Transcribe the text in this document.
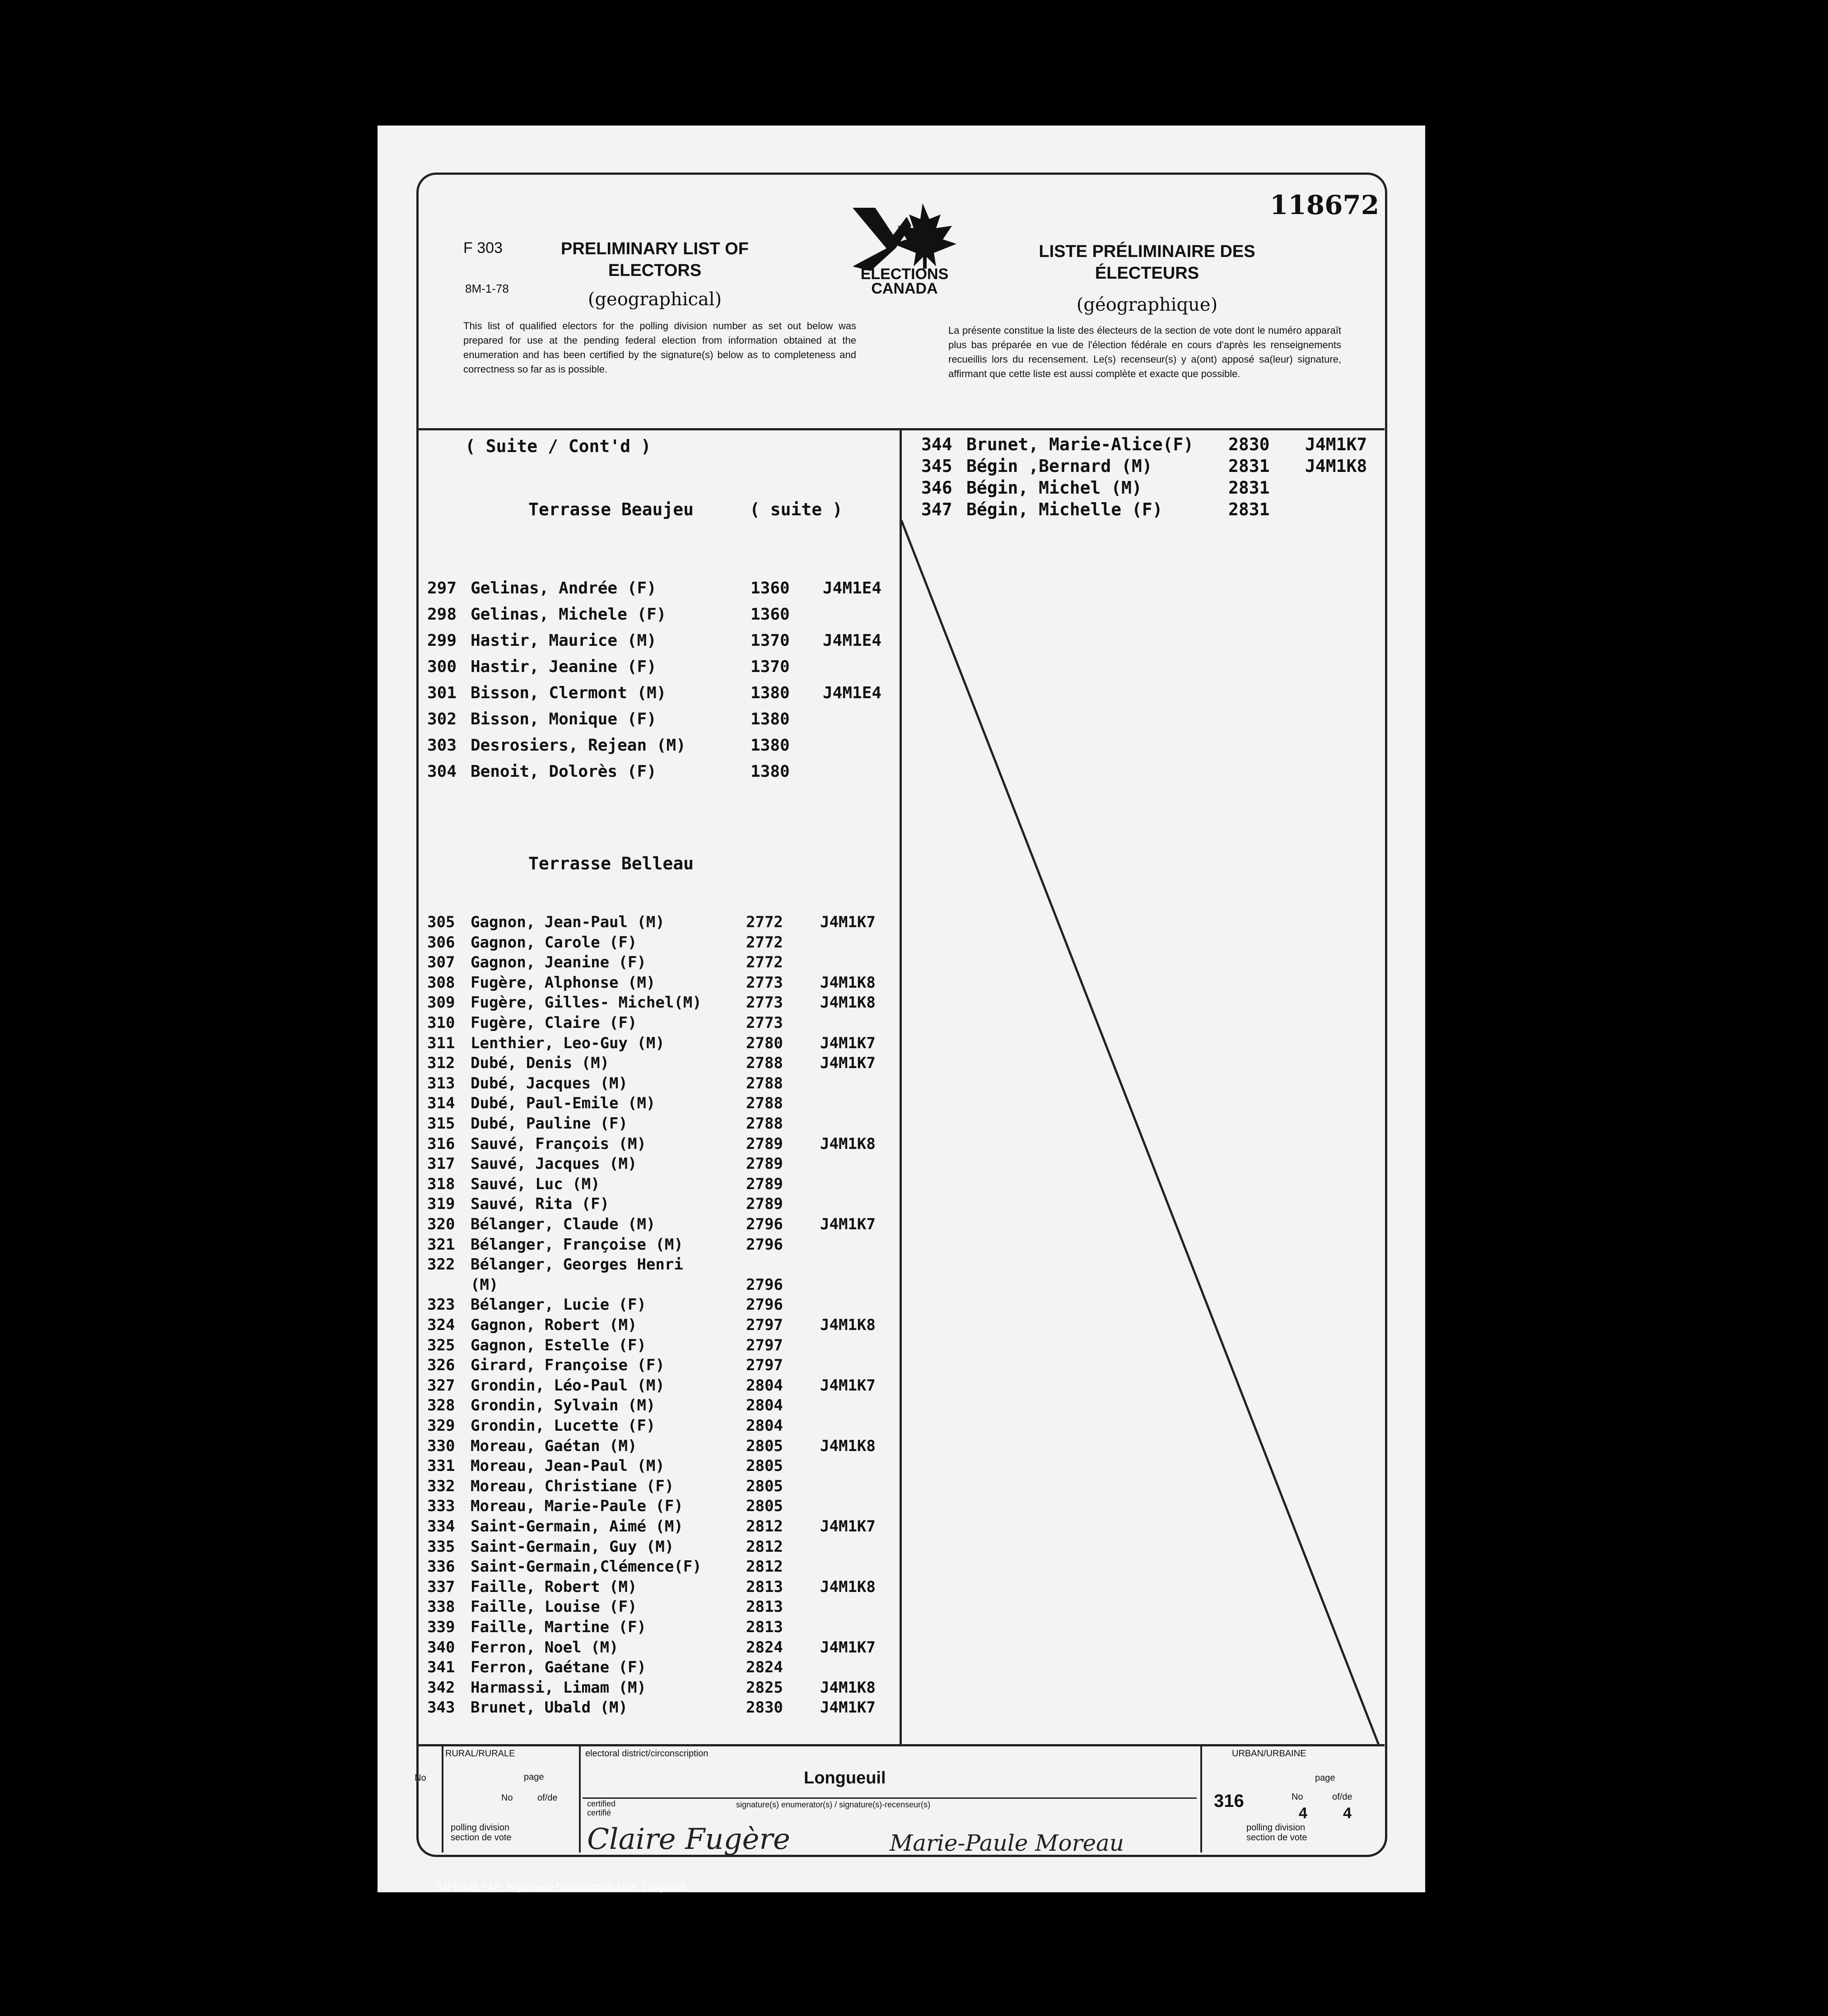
118672
F 303
8M-1-78
PRELIMINARY LIST OF
ELECTORS
(geographical)
ELECTIONS
CANADA
LISTE PRÉLIMINAIRE DES
ÉLECTEURS
(géographique)
This list of qualified electors for the polling division number as set out below was prepared for use at the pending federal election from information obtained at the enumeration and has been certified by the signature(s) below as to completeness and correctness so far as is possible.
La présente constitue la liste des électeurs de la section de vote dont le numéro apparaît plus bas préparée en vue de l'élection fédérale en cours d'après les renseignements recueillis lors du recensement. Le(s) recenseur(s) y a(ont) apposé sa(leur) signature, affirmant que cette liste est aussi complète et exacte que possible.
( Suite / Cont'd )
Terrasse Beaujeu	( suite )
297 Gelinas, Andrée (F)	1360 J4M1E4
298 Gelinas, Michele (F)	1360
299 Hastir, Maurice (M)	1370 J4M1E4
300 Hastir, Jeanine (F)	1370
301 Bisson, Clermont (M)	1380 J4M1E4
302 Bisson, Monique (F)	1380
303 Desrosiers, Rejean (M)	1380
304 Benoit, Dolorès (F)	1380
Terrasse Belleau
305 Gagnon, Jean-Paul (M)	2772 J4M1K7
306 Gagnon, Carole (F)	2772
307 Gagnon, Jeanine (F)	2772
308 Fugère, Alphonse (M)	2773 J4M1K8
309 Fugère, Gilles- Michel(M)	2773 J4M1K8
310 Fugère, Claire (F)	2773
311 Lenthier, Leo-Guy (M)	2780 J4M1K7
312 Dubé, Denis (M)	2788 J4M1K7
313 Dubé, Jacques (M)	2788
314 Dubé, Paul-Emile (M)	2788
315 Dubé, Pauline (F)	2788
316 Sauvé, François (M)	2789 J4M1K8
317 Sauvé, Jacques (M)	2789
318 Sauvé, Luc (M)	2789
319 Sauvé, Rita (F)	2789
320 Bélanger, Claude (M)	2796 J4M1K7
321 Bélanger, Françoise (M)	2796
322 Bélanger, Georges Henri
(M)	2796
323 Bélanger, Lucie (F)	2796
324 Gagnon, Robert (M)	2797 J4M1K8
325 Gagnon, Estelle (F)	2797
326 Girard, Françoise (F)	2797
327 Grondin, Léo-Paul (M)	2804 J4M1K7
328 Grondin, Sylvain (M)	2804
329 Grondin, Lucette (F)	2804
330 Moreau, Gaétan (M)	2805 J4M1K8
331 Moreau, Jean-Paul (M)	2805
332 Moreau, Christiane (F)	2805
333 Moreau, Marie-Paule (F)	2805
334 Saint-Germain, Aimé (M)	2812 J4M1K7
335 Saint-Germain, Guy (M)	2812
336 Saint-Germain,Clémence(F)	2812
337 Faille, Robert (M)	2813 J4M1K8
338 Faille, Louise (F)	2813
339 Faille, Martine (F)	2813
340 Ferron, Noel (M)	2824 J4M1K7
341 Ferron, Gaétane (F)	2824
342 Harmassi, Limam (M)	2825 J4M1K8
343 Brunet, Ubald (M)	2830 J4M1K7
344 Brunet, Marie-Alice(F) 2830 J4M1K7
345 Bégin ,Bernard (M)	2831 J4M1K8
346 Bégin, Michel (M)	2831
347 Bégin, Michelle (F)	2831
RURAL/RURALE	electoral district/circonscription	URBAN/URBAINE
No	page
No	of/de
page
No	of/de
Longueuil
certified
certifié
signature(s) enumerator(s) / signature(s)-recenseur(s)
polling division
section de vote
polling division
section de vote
316
4 4
Claire Fugère	Marie-Paule Moreau
IMPRIMÉ PAR: Imprimerie Desmarchais Ltée, Longueuil
